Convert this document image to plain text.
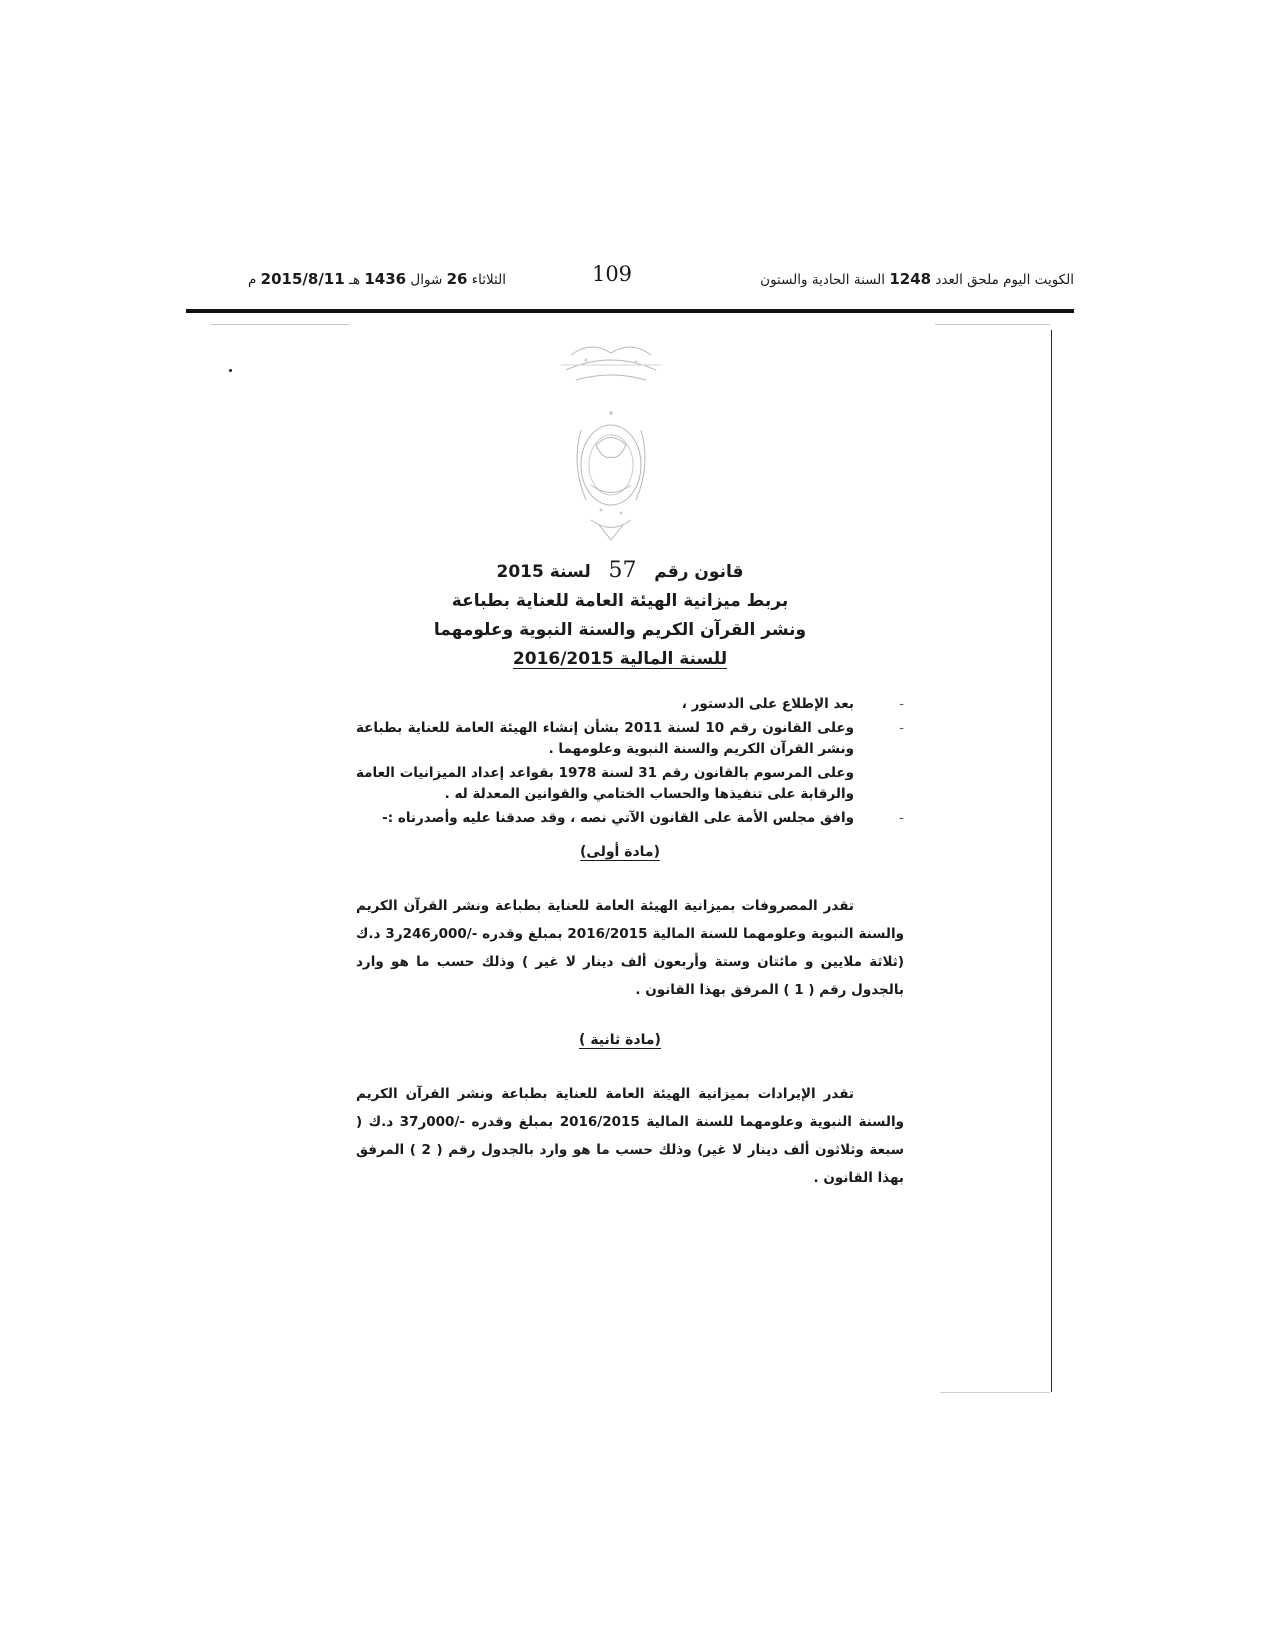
الكويت اليوم ملحق العدد 1248 السنة الحادية والستون
109
الثلاثاء 26 شوال 1436 هـ 2015/8/11 م
قانون رقم   57   لسنة 2015
بربط ميزانية الهيئة العامة للعناية بطباعة
ونشر القرآن الكريم والسنة النبوية وعلومهما
للسنة المالية 2016/2015
-
بعد الإطلاع على الدستور ،
-
وعلى القانون رقم 10 لسنة 2011 بشأن إنشاء الهيئة العامة للعناية بطباعة ونشر القرآن الكريم والسنة النبوية وعلومهما .
وعلى المرسوم بالقانون رقم 31 لسنة 1978 بقواعد إعداد الميزانيات العامة والرقابة على تنفيذها والحساب الختامي والقوانين المعدلة له .
-
وافق مجلس الأمة على القانون الآتي نصه ، وقد صدقنا عليه وأصدرناه :-
(مادة أولى)
تقدر المصروفات بميزانية الهيئة العامة للعناية بطباعة ونشر القرآن الكريم والسنة النبوية وعلومهما للسنة المالية 2016/2015 بمبلغ وقدره -/000ر246ر3 د.ك (ثلاثة ملايين و مائتان وستة وأربعون ألف دينار لا غير ) وذلك حسب ما هو وارد بالجدول رقم ( 1 ) المرفق بهذا القانون .
(مادة ثانية )
تقدر الإيرادات بميزانية الهيئة العامة للعناية بطباعة ونشر القرآن الكريم والسنة النبوية وعلومهما للسنة المالية 2016/2015 بمبلغ وقدره -/000ر37 د.ك ( سبعة وثلاثون ألف دينار لا غير) وذلك حسب ما هو وارد بالجدول رقم ( 2 ) المرفق بهذا القانون .
